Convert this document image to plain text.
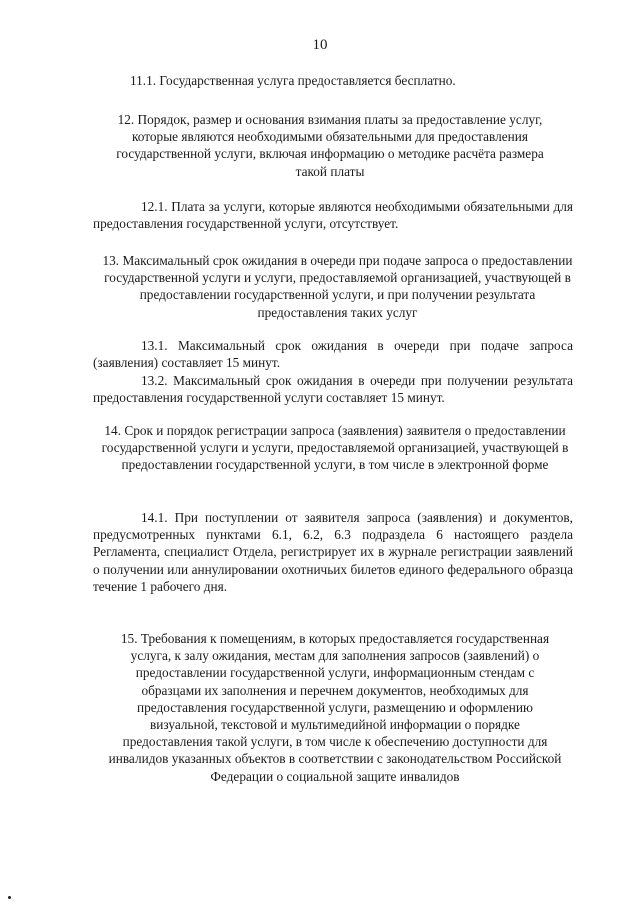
10

11.1. Государственная услуга предоставляется бесплатно.

12. Порядок, размер и основания взимания платы за предоставление услуг, которые являются необходимыми обязательными для предоставления государственной услуги, включая информацию о методике расчёта размера такой платы

12.1. Плата за услуги, которые являются необходимыми обязательными для предоставления государственной услуги, отсутствует.

13. Максимальный срок ожидания в очереди при подаче запроса о предоставлении государственной услуги и услуги, предоставляемой организацией, участвующей в предоставлении государственной услуги, и при получении результата предоставления таких услуг

13.1. Максимальный срок ожидания в очереди при подаче запроса (заявления) составляет 15 минут.

13.2. Максимальный срок ожидания в очереди при получении результата предоставления государственной услуги составляет 15 минут.

14. Срок и порядок регистрации запроса (заявления) заявителя о предоставлении государственной услуги и услуги, предоставляемой организацией, участвующей в предоставлении государственной услуги, в том числе в электронной форме

14.1. При поступлении от заявителя запроса (заявления) и документов, предусмотренных пунктами 6.1, 6.2, 6.3 подраздела 6 настоящего раздела Регламента, специалист Отдела, регистрирует их в журнале регистрации заявлений о получении или аннулировании охотничьих билетов единого федерального образца течение 1 рабочего дня.

15. Требования к помещениям, в которых предоставляется государственная услуга, к залу ожидания, местам для заполнения запросов (заявлений) о предоставлении государственной услуги, информационным стендам с образцами их заполнения и перечнем документов, необходимых для предоставления государственной услуги, размещению и оформлению визуальной, текстовой и мультимедийной информации о порядке предоставления такой услуги, в том числе к обеспечению доступности для инвалидов указанных объектов в соответствии с законодательством Российской Федерации о социальной защите инвалидов
